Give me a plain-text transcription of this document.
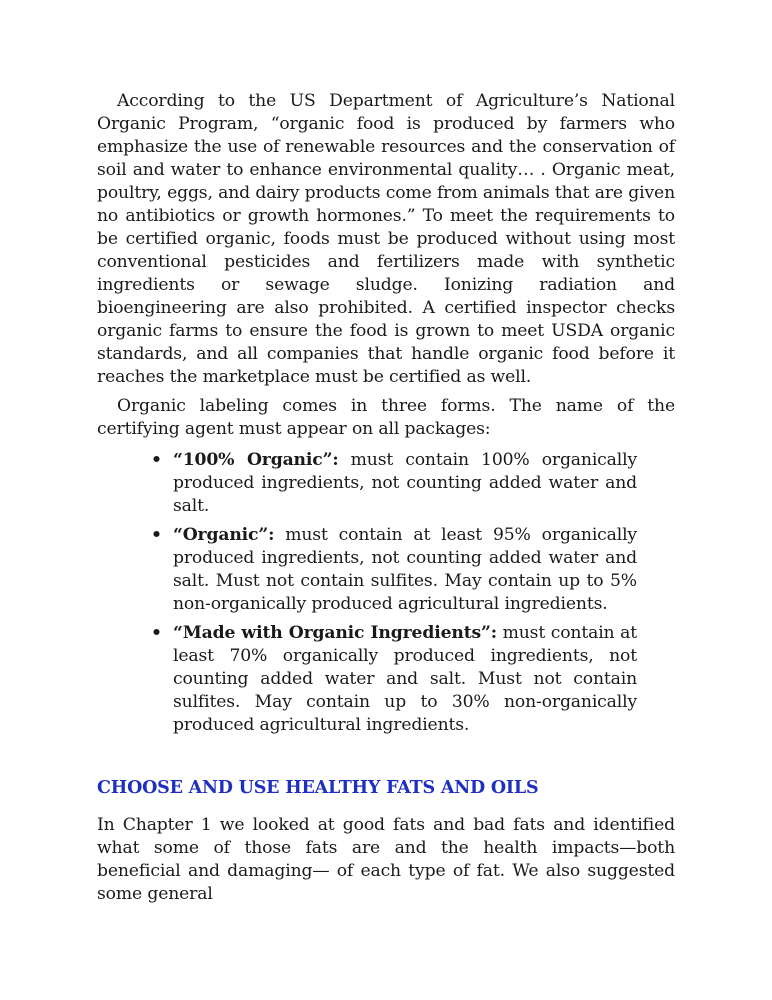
According to the US Department of Agriculture’s National Organic Program, “organic food is produced by farmers who emphasize the use of renewable resources and the conservation of soil and water to enhance environmental quality… . Organic meat, poultry, eggs, and dairy products come from animals that are given no antibiotics or growth hormones.” To meet the requirements to be certified organic, foods must be produced without using most conventional pesticides and fertilizers made with synthetic ingredients or sewage sludge. Ionizing radiation and bioengineering are also prohibited. A certified inspector checks organic farms to ensure the food is grown to meet USDA organic standards, and all companies that handle organic food before it reaches the marketplace must be certified as well.

Organic labeling comes in three forms. The name of the certifying agent must appear on all packages:

• “100% Organic”: must contain 100% organically produced ingredients, not counting added water and salt.
• “Organic”: must contain at least 95% organically produced ingredients, not counting added water and salt. Must not contain sulfites. May contain up to 5% non-organically produced agricultural ingredients.
• “Made with Organic Ingredients”: must contain at least 70% organically produced ingredients, not counting added water and salt. Must not contain sulfites. May contain up to 30% non-organically produced agricultural ingredients.
CHOOSE AND USE HEALTHY FATS AND OILS

In Chapter 1 we looked at good fats and bad fats and identified what some of those fats are and the health impacts—both beneficial and damaging— of each type of fat. We also suggested some general
